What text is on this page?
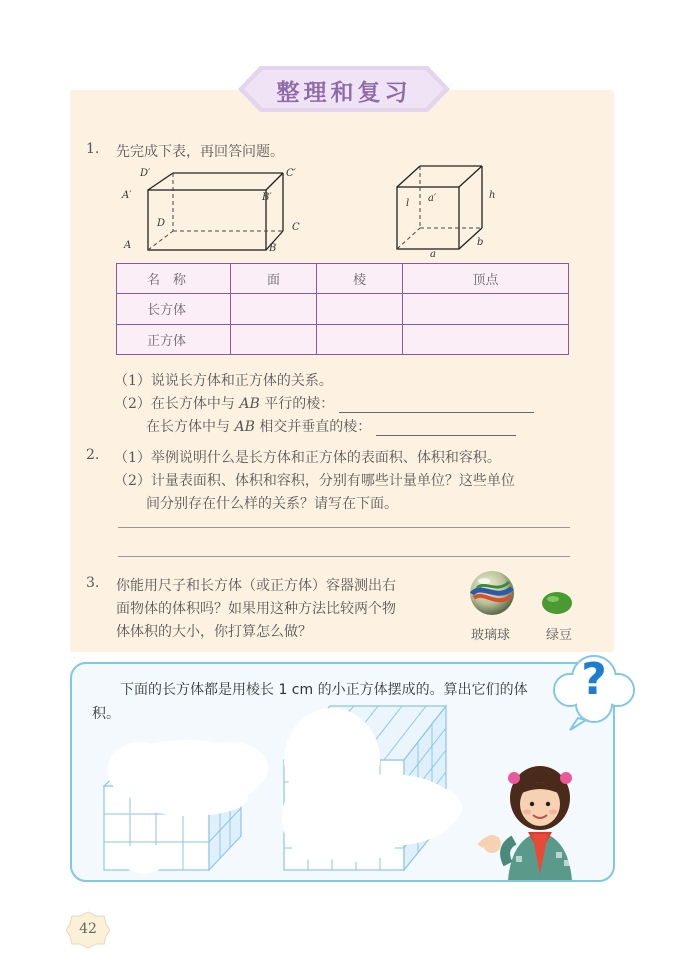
整理和复习
1. 先完成下表，再回答问题。
D′	C′
A′	B′
D	C
A	B
l a′	h
b
a
名　称	面	棱	顶点
长方体			
正方体			
（1）说说长方体和正方体的关系。
（2）在长方体中与 AB 平行的棱：
在长方体中与 AB 相交并垂直的棱：
2. （1）举例说明什么是长方体和正方体的表面积、体积和容积。
（2）计量表面积、体积和容积，分别有哪些计量单位？这些单位
间分别存在什么样的关系？请写在下面。
3. 你能用尺子和长方体（或正方体）容器测出右
面物体的体积吗？如果用这种方法比较两个物
体体积的大小，你打算怎么做？	玻璃球	绿豆
下面的长方体都是用棱长 1 cm 的小正方体摆成的。算出它们的体积。
?
42
